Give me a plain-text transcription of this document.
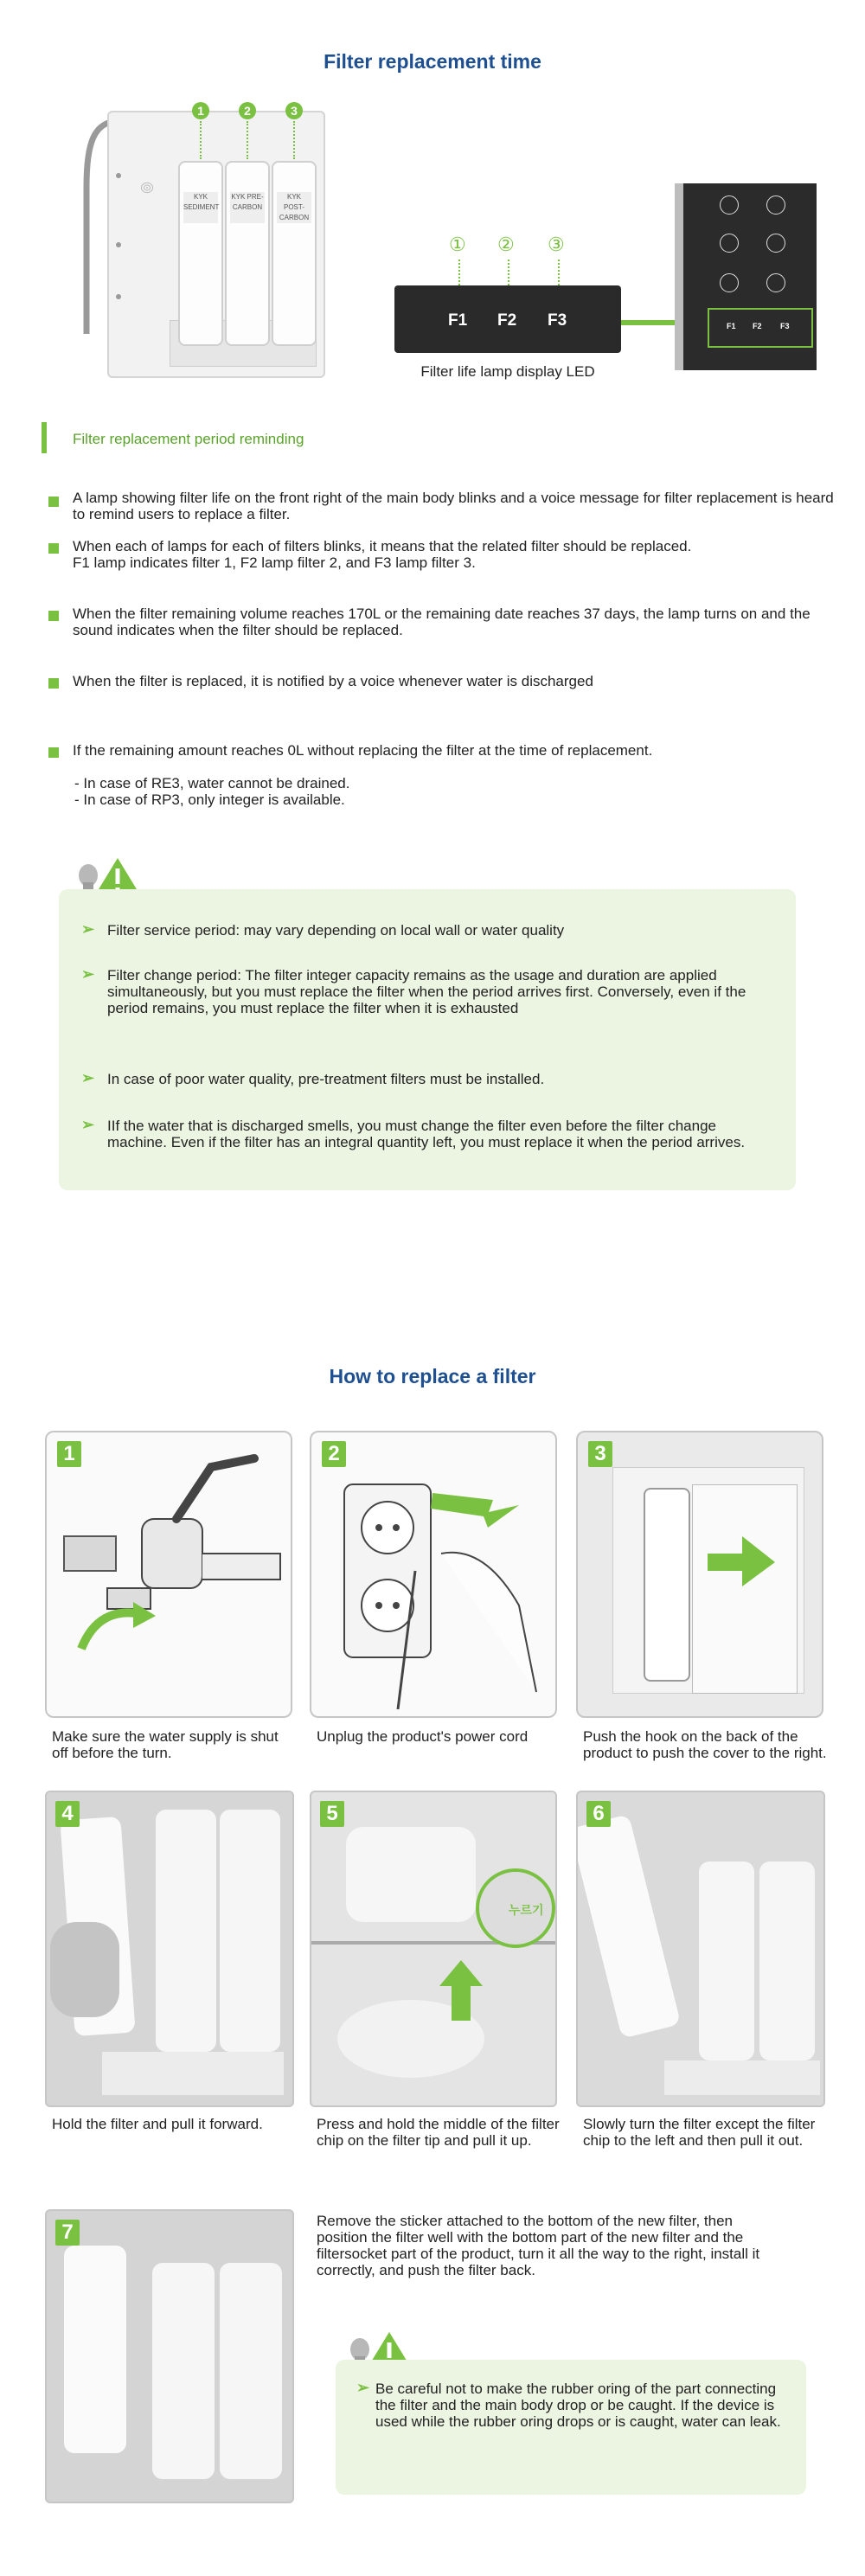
Filter replacement time
1	2	3
KYK SEDIMENT
KYK PRE-CARBON
KYK POST-CARBON
① ② ③
F1 F2 F3
Filter life lamp display LED
F1 F2 F3
Filter replacement period reminding
A lamp showing filter life on the front right of the main body blinks and a voice message for filter replacement is heard to remind users to replace a filter.
When each of lamps for each of filters blinks, it means that the related filter should be replaced.
F1 lamp indicates filter 1, F2 lamp filter 2, and F3 lamp filter 3.
When the filter remaining volume reaches 170L or the remaining date reaches 37 days, the lamp turns on and the sound indicates when the filter should be replaced.
When the filter is replaced, it is notified by a voice whenever water is discharged
If the remaining amount reaches 0L without replacing the filter at the time of replacement.
- In case of RE3, water cannot be drained.
- In case of RP3, only integer is available.
➢ Filter service period: may vary depending on local wall or water quality
➢ Filter change period: The filter integer capacity remains as the usage and duration are applied simultaneously, but you must replace the filter when the period arrives first. Conversely, even if the period remains, you must replace the filter when it is exhausted
➢ In case of poor water quality, pre-treatment filters must be installed.
➢ IIf the water that is discharged smells, you must change the filter even before the filter change machine. Even if the filter has an integral quantity left, you must replace it when the period arrives.
How to replace a filter
1
Make sure the water supply is shut off before the turn.
2
Unplug the product's power cord
3
Push the hook on the back of the product to push the cover to the right.
4
Hold the filter and pull it forward.
누르기
5
Press and hold the middle of the filter chip on the filter tip and pull it up.
6
Slowly turn the filter except the filter chip to the left and then pull it out.
7	Remove the sticker attached to the bottom of the new filter, then position the filter well with the bottom part of the new filter and the filtersocket part of the product, turn it all the way to the right, install it correctly, and push the filter back.
➢ Be careful not to make the rubber oring of the part connecting the filter and the main body drop or be caught. If the device is used while the rubber oring drops or is caught, water can leak.
